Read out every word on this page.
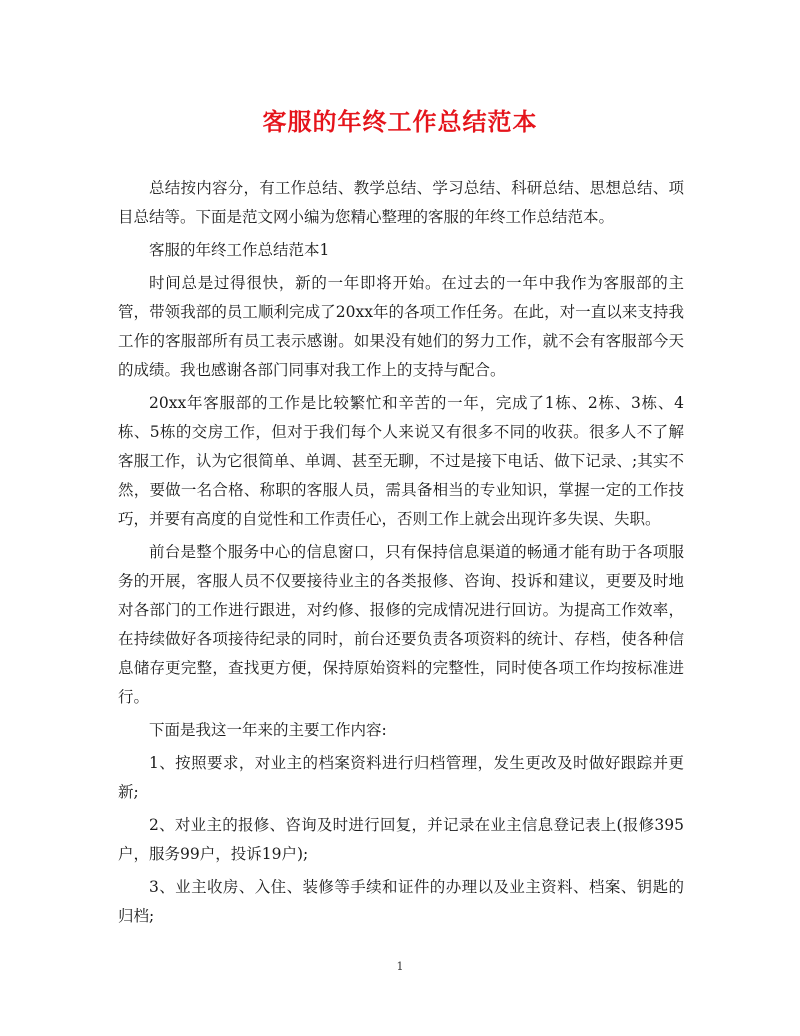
客服的年终工作总结范本

总结按内容分，有工作总结、教学总结、学习总结、科研总结、思想总结、项目总结等。下面是范文网小编为您精心整理的客服的年终工作总结范本。

客服的年终工作总结范本1

时间总是过得很快，新的一年即将开始。在过去的一年中我作为客服部的主管，带领我部的员工顺利完成了20xx年的各项工作任务。在此，对一直以来支持我工作的客服部所有员工表示感谢。如果没有她们的努力工作，就不会有客服部今天的成绩。我也感谢各部门同事对我工作上的支持与配合。

20xx年客服部的工作是比较繁忙和辛苦的一年，完成了1栋、2栋、3栋、4栋、5栋的交房工作，但对于我们每个人来说又有很多不同的收获。很多人不了解客服工作，认为它很简单、单调、甚至无聊，不过是接下电话、做下记录、;其实不然，要做一名合格、称职的客服人员，需具备相当的专业知识，掌握一定的工作技巧，并要有高度的自觉性和工作责任心，否则工作上就会出现许多失误、失职。

前台是整个服务中心的信息窗口，只有保持信息渠道的畅通才能有助于各项服务的开展，客服人员不仅要接待业主的各类报修、咨询、投诉和建议，更要及时地对各部门的工作进行跟进，对约修、报修的完成情况进行回访。为提高工作效率，在持续做好各项接待纪录的同时，前台还要负责各项资料的统计、存档，使各种信息储存更完整，查找更方便，保持原始资料的完整性，同时使各项工作均按标准进行。

下面是我这一年来的主要工作内容:

1、按照要求，对业主的档案资料进行归档管理，发生更改及时做好跟踪并更新;

2、对业主的报修、咨询及时进行回复，并记录在业主信息登记表上(报修395户，服务99户，投诉19户);

3、业主收房、入住、装修等手续和证件的办理以及业主资料、档案、钥匙的归档;

1
